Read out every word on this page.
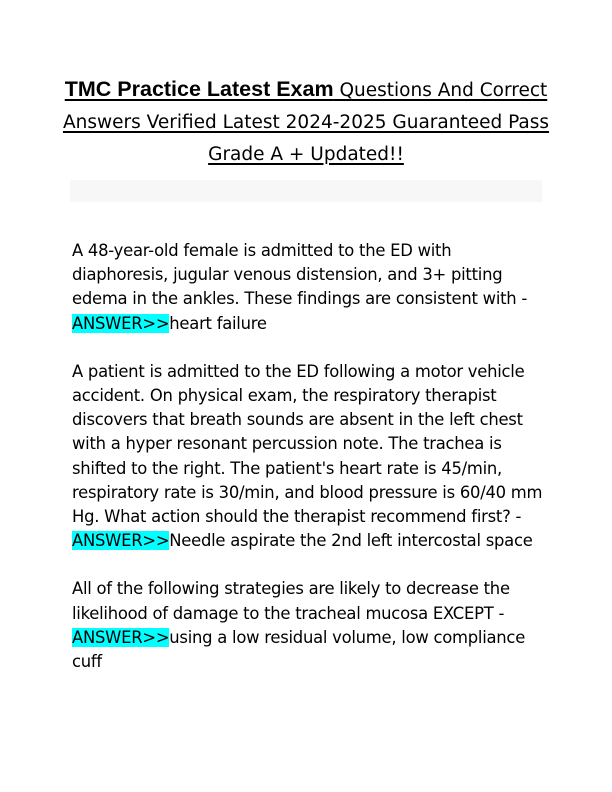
TMC Practice Latest Exam Questions And Correct Answers Verified Latest 2024-2025 Guaranteed Pass Grade A + Updated!!

A 48-year-old female is admitted to the ED with diaphoresis, jugular venous distension, and 3+ pitting edema in the ankles. These findings are consistent with - ANSWER>>heart failure

A patient is admitted to the ED following a motor vehicle accident. On physical exam, the respiratory therapist discovers that breath sounds are absent in the left chest with a hyper resonant percussion note. The trachea is shifted to the right. The patient's heart rate is 45/min, respiratory rate is 30/min, and blood pressure is 60/40 mm Hg. What action should the therapist recommend first? - ANSWER>>Needle aspirate the 2nd left intercostal space

All of the following strategies are likely to decrease the likelihood of damage to the tracheal mucosa EXCEPT - ANSWER>>using a low residual volume, low compliance cuff
